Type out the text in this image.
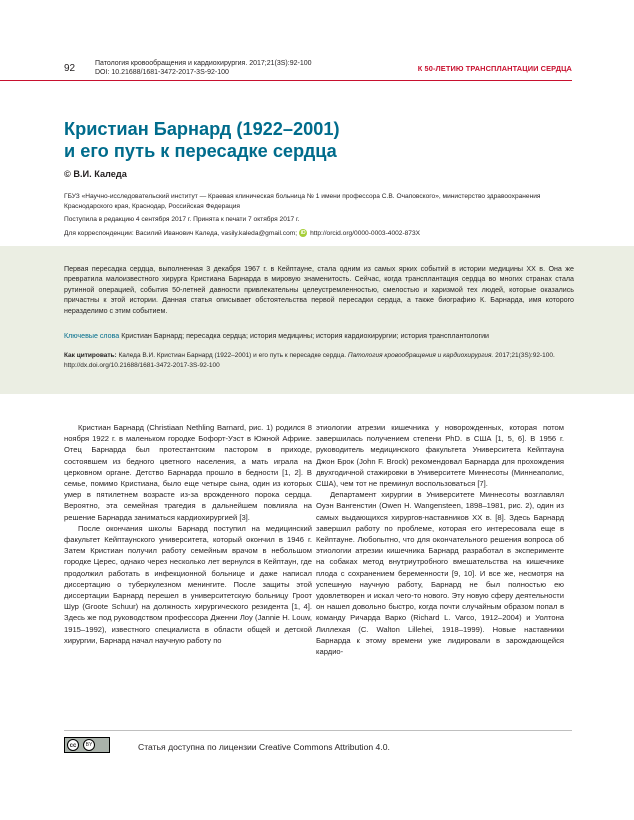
92	Патология кровообращения и кардиохирургия. 2017;21(3S):92-100
DOI: 10.21688/1681-3472-2017-3S-92-100	К 50-ЛЕТИЮ ТРАНСПЛАНТАЦИИ СЕРДЦА
Кристиан Барнард (1922–2001)
и его путь к пересадке сердца
© В.И. Каледа
ГБУЗ «Научно-исследовательский институт — Краевая клиническая больница № 1 имени профессора С.В. Очаповского», министерство здравоохранения Краснодарского края, Краснодар, Российская Федерация
Поступила в редакцию 4 сентября 2017 г. Принята к печати 7 октября 2017 г.
Для корреспонденции: Василий Иванович Каледа, vasily.kaleda@gmail.com; iD http://orcid.org/0000-0003-4002-873X
Первая пересадка сердца, выполненная 3 декабря 1967 г. в Кейптауне, стала одним из самых ярких событий в истории медицины ХХ в. Она же превратила малоизвестного хирурга Кристиана Барнарда в мировую знаменитость. Сейчас, когда трансплантация сердца во многих странах стала рутинной операцией, события 50-летней давности привлекательны целеустремленностью, смелостью и харизмой тех людей, которые оказались причастны к этой истории. Данная статья описывает обстоятельства первой пересадки сердца, а также биографию К. Барнарда, имя которого неразделимо с этим событием.
Ключевые слова Кристиан Барнард; пересадка сердца; история медицины; история кардиохирургии; история трансплантологии
Как цитировать: Каледа В.И. Кристиан Барнард (1922–2001) и его путь к пересадке сердца. Патология кровообращения и кардиохирургия. 2017;21(3S):92-100. http://dx.doi.org/10.21688/1681-3472-2017-3S-92-100

Кристиан Барнард (Christiaan Nethling Barnard, рис. 1) родился 8 ноября 1922 г. в маленьком городке Бофорт-Уэст в Южной Африке. Отец Барнарда был протестантским пастором в приходе, состоявшем из бедного цветного населения, а мать играла на церковном органе. Детство Барнарда прошло в бедности [1, 2]. В семье, помимо Кристиана, было еще четыре сына, один из которых умер в пятилетнем возрасте из-за врожденного порока сердца. Вероятно, эта семейная трагедия в дальнейшем повлияла на решение Барнарда заниматься кардиохирургией [3].

После окончания школы Барнард поступил на медицинский факультет Кейптаунского университета, который окончил в 1946 г. Затем Кристиан получил работу семейным врачом в небольшом городке Церес, однако через несколько лет вернулся в Кейптаун, где продолжил работать в инфекционной больнице и даже написал диссертацию о туберкулезном менингите. После защиты этой диссертации Барнард перешел в университетскую больницу Гроот Шур (Groote Schuur) на должность хирургического резидента [1, 4]. Здесь же под руководством профессора Дженни Лоу (Jannie H. Louw, 1915–1992), известного специалиста в области общей и детской хирургии, Барнард начал научную работу по

этиологии атрезии кишечника у новорожденных, которая потом завершилась получением степени PhD. в США [1, 5, 6]. В 1956 г. руководитель медицинского факультета Университета Кейптауна Джон Брок (John F. Brock) рекомендовал Барнарда для прохождения двухгодичной стажировки в Университете Миннесоты (Миннеаполис, США), чем тот не преминул воспользоваться [7].

Департамент хирургии в Университете Миннесоты возглавлял Оуэн Вангенстин (Owen H. Wangensteen, 1898–1981, рис. 2), один из самых выдающихся хирургов-наставников XX в. [8]. Здесь Барнард завершил работу по проблеме, которая его интересовала еще в Кейптауне. Любопытно, что для окончательного решения вопроса об этиологии атрезии кишечника Барнард разработал в эксперименте на собаках метод внутриутробного вмешательства на кишечнике плода с сохранением беременности [9, 10]. И все же, несмотря на успешную научную работу, Барнард не был полностью ею удовлетворен и искал чего-то нового. Эту новую сферу деятельности он нашел довольно быстро, когда почти случайным образом попал в команду Ричарда Варко (Richard L. Varco, 1912–2004) и Уолтона Лиллехая (C. Walton Lillehei, 1918–1999). Новые наставники Барнарда к этому времени уже лидировали в зарождающейся кардио-

cc	BY	Статья доступна по лицензии Creative Commons Attribution 4.0.
